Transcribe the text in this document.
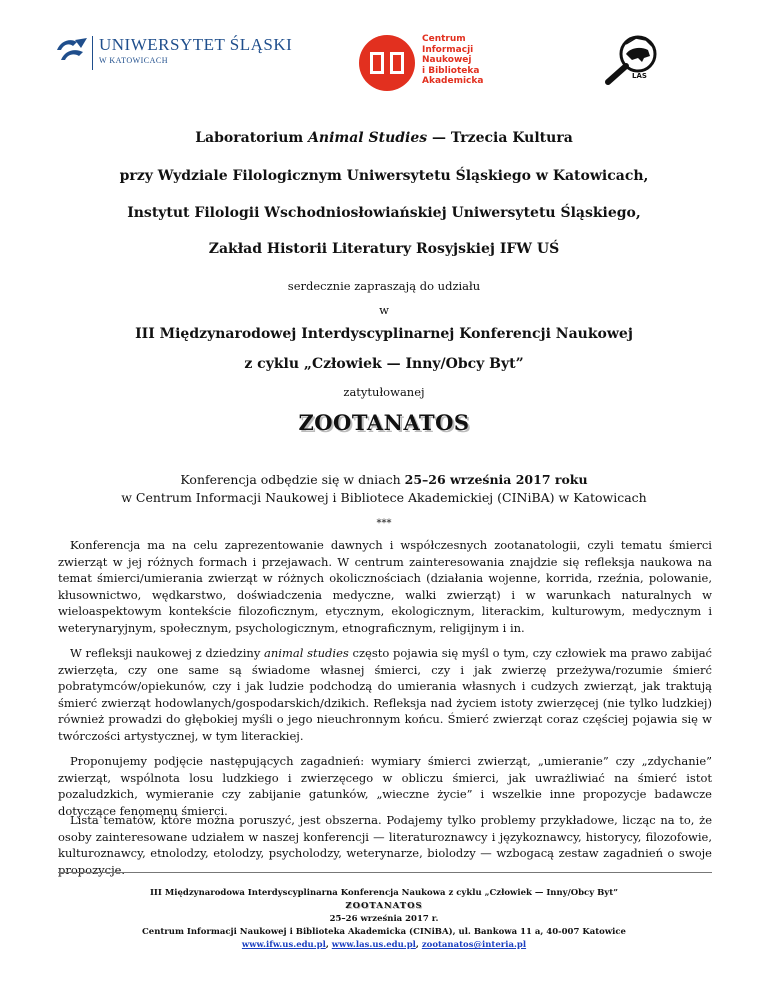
UNIWERSYTET ŚLĄSKI
W KATOWICACH
Centrum
Informacji
Naukowej
i Biblioteka
Akademicka	LAS
Laboratorium Animal Studies — Trzecia Kultura
przy Wydziale Filologicznym Uniwersytetu Śląskiego w Katowicach,
Instytut Filologii Wschodniosłowiańskiej Uniwersytetu Śląskiego,
Zakład Historii Literatury Rosyjskiej IFW UŚ
serdecznie zapraszają do udziału
w
III Międzynarodowej Interdyscyplinarnej Konferencji Naukowej
z cyklu „Człowiek — Inny/Obcy Byt”
zatytułowanej
ZOOTANATOS
Konferencja odbędzie się w dniach 25–26 września 2017 roku
w Centrum Informacji Naukowej i Bibliotece Akademickiej (CINiBA) w Katowicach
***
Konferencja ma na celu zaprezentowanie dawnych i współczesnych zootanatologii, czyli tematu śmierci zwierząt w jej różnych formach i przejawach. W centrum zainteresowania znajdzie się refleksja naukowa na temat śmierci/umierania zwierząt w różnych okolicznościach (działania wojenne, korrida, rzeźnia, polowanie, kłusownictwo, wędkarstwo, doświadczenia medyczne, walki zwierząt) i w warunkach naturalnych w wieloaspektowym kontekście filozoficznym, etycznym, ekologicznym, literackim, kulturowym, medycznym i weterynaryjnym, społecznym, psychologicznym, etnograficznym, religijnym i in.
W refleksji naukowej z dziedziny animal studies często pojawia się myśl o tym, czy człowiek ma prawo zabijać zwierzęta, czy one same są świadome własnej śmierci, czy i jak zwierzę przeżywa/rozumie śmierć pobratymców/opiekunów, czy i jak ludzie podchodzą do umierania własnych i cudzych zwierząt, jak traktują śmierć zwierząt hodowlanych/gospodarskich/dzikich. Refleksja nad życiem istoty zwierzęcej (nie tylko ludzkiej) również prowadzi do głębokiej myśli o jego nieuchronnym końcu. Śmierć zwierząt coraz częściej pojawia się w twórczości artystycznej, w tym literackiej.
Proponujemy podjęcie następujących zagadnień: wymiary śmierci zwierząt, „umieranie” czy „zdychanie” zwierząt, wspólnota losu ludzkiego i zwierzęcego w obliczu śmierci, jak uwrażliwiać na śmierć istot pozaludzkich, wymieranie czy zabijanie gatunków, „wieczne życie” i wszelkie inne propozycje badawcze dotyczące fenomenu śmierci.
Lista tematów, które można poruszyć, jest obszerna. Podajemy tylko problemy przykładowe, licząc na to, że osoby zainteresowane udziałem w naszej konferencji — literaturoznawcy i językoznawcy, historycy, filozofowie, kulturoznawcy, etnolodzy, etolodzy, psycholodzy, weterynarze, biolodzy — wzbogacą zestaw zagadnień o swoje propozycje.
III Międzynarodowa Interdyscyplinarna Konferencja Naukowa z cyklu „Człowiek — Inny/Obcy Byt”
ZOOTANATOS
25–26 września 2017 r.
Centrum Informacji Naukowej i Biblioteka Akademicka (CINiBA), ul. Bankowa 11 a, 40-007 Katowice
www.ifw.us.edu.pl, www.las.us.edu.pl, zootanatos@interia.pl
